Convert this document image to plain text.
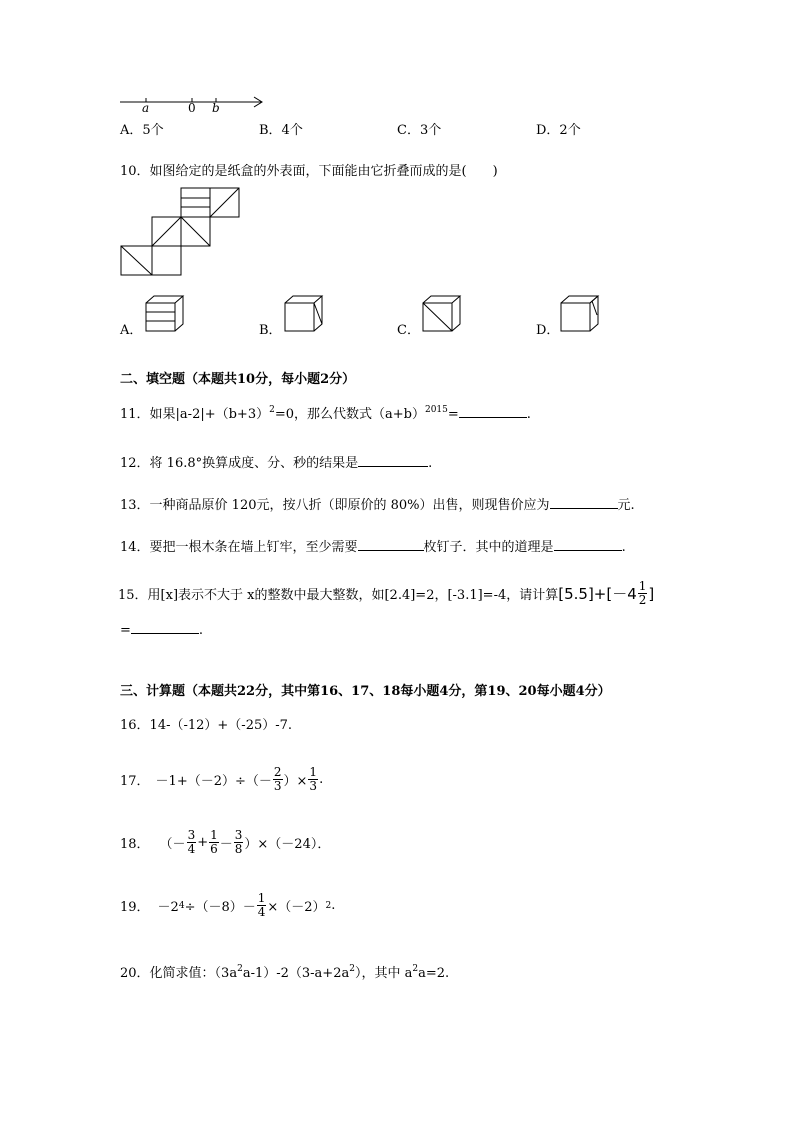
a	0 b
A．5个	B．4个	C．3个	D．2个
10．如图给定的是纸盒的外表面，下面能由它折叠而成的是(　　)
A．	B．	C．	D．
二、填空题（本题共10分，每小题2分）
11．如果$|a-2|+(b+3)^2=0$，那么代数式$(a+b)^{2015}=$	.
12．将 16.8°换算成度、分、秒的结果是	.
13．一种商品原价 120元，按八折（即原价的 80%）出售，则现售价应为	元.
14．要把一根木条在墙上钉牢，至少需要	枚钉子．其中的道理是	.
15．用[x]表示不大于 x的整数中最大整数，如[2.4]=2，[-3.1]=-4，请计算 $[5.5]+[-4 \frac{1}{2}$ ]
=	.
三、计算题（本题共22分，其中第16、17、18每小题4分，第19、20每小题4分）
16．14-（-12）+（-25）-7.
17． $-1+(-2)\div(- \frac{2}{3}$ ）× $\frac{1}{3}$ .
18． （－ $\frac{3}{4} + \frac{1}{6} - \frac{3}{8} )\times(-24)$．
19． －2 $4 \div(-8)- \frac{1}{4} \times(-2)$ 2 .
20．化简求值：$(3a^2a-1)-2(3-a+2a^2)$，其中 $a^2a=2$.
